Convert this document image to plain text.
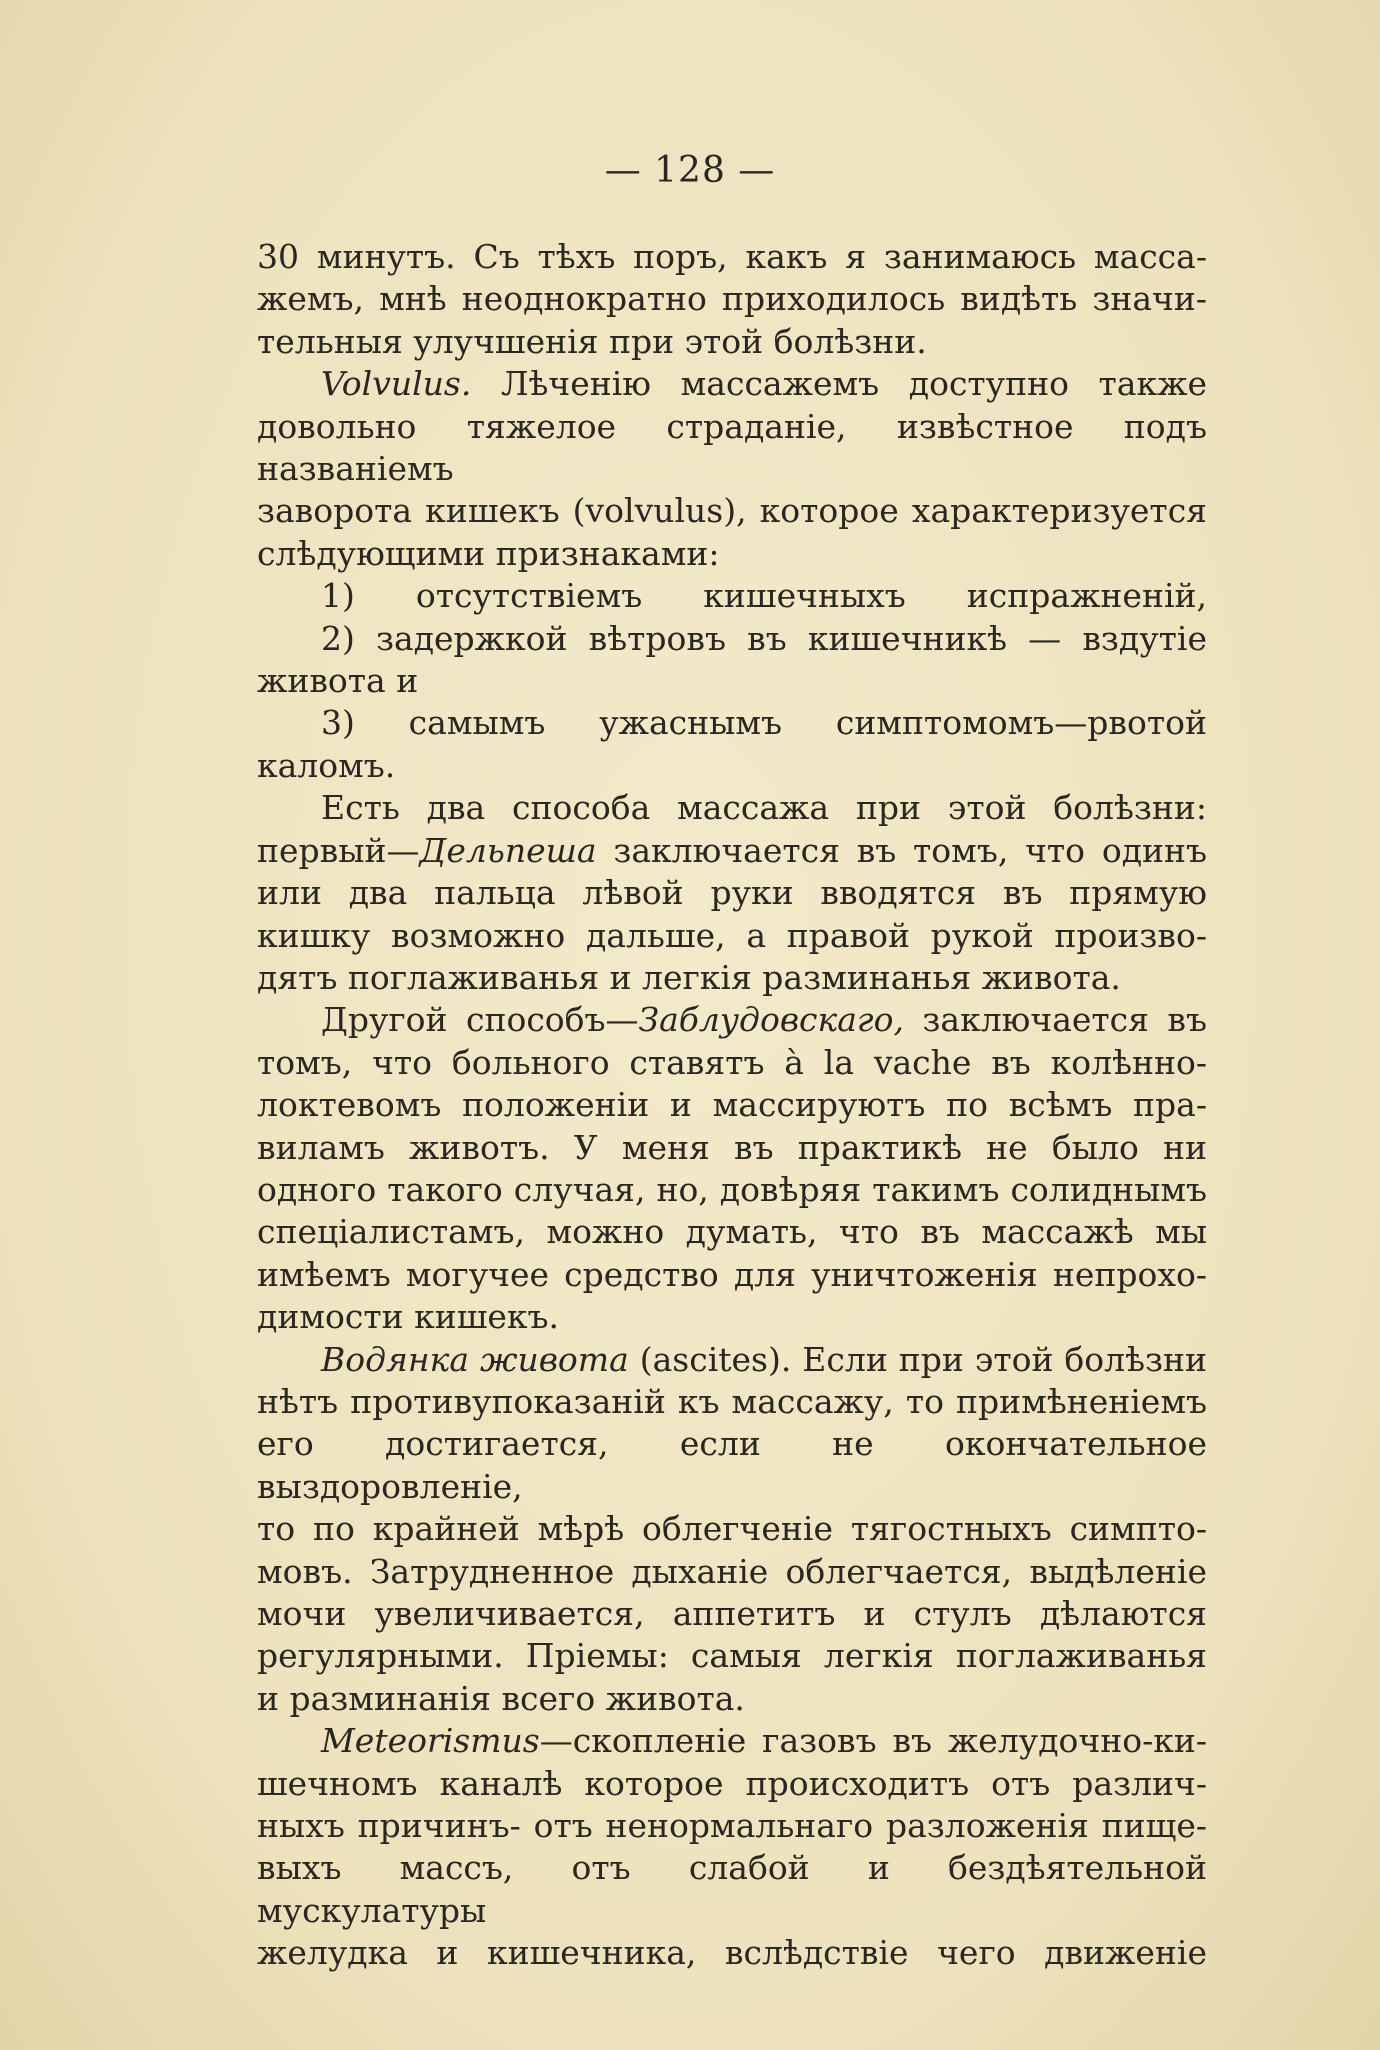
— 128 —

30 минутъ. Съ тѣхъ поръ, какъ я занимаюсь масса-

жемъ, мнѣ неоднократно приходилось видѣть значи-

тельныя улучшенія при этой болѣзни.

Volvulus. Лѣченію массажемъ доступно также

довольно тяжелое страданіе, извѣстное подъ названіемъ

заворота кишекъ (volvulus), которое характеризуется

слѣдующими признаками:

1) отсутствіемъ кишечныхъ испражненій,

2) задержкой вѣтровъ въ кишечникѣ — вздутіе

живота и

3) самымъ ужаснымъ симптомомъ—рвотой каломъ.

Есть два способа массажа при этой болѣзни:

первый—Дельпеша заключается въ томъ, что одинъ

или два пальца лѣвой руки вводятся въ прямую

кишку возможно дальше, а правой рукой произво-

дятъ поглаживанья и легкія разминанья живота.

Другой способъ—Заблудовскаго, заключается въ

томъ, что больного ставятъ à la vache въ колѣнно-

локтевомъ положеніи и массируютъ по всѣмъ пра-

виламъ животъ. У меня въ практикѣ не было ни

одного такого случая, но, довѣряя такимъ солиднымъ

спеціалистамъ, можно думать, что въ массажѣ мы

имѣемъ могучее средство для уничтоженія непрохо-

димости кишекъ.

Водянка живота (ascites). Если при этой болѣзни

нѣтъ противупоказаній къ массажу, то примѣненіемъ

его достигается, если не окончательное выздоровленіе,

то по крайней мѣрѣ облегченіе тягостныхъ симпто-

мовъ. Затрудненное дыханіе облегчается, выдѣленіе

мочи увеличивается, аппетитъ и стулъ дѣлаются

регулярными. Пріемы: самыя легкія поглаживанья

и разминанія всего живота.

Meteorismus—скопленіе газовъ въ желудочно-ки-

шечномъ каналѣ которое происходитъ отъ различ-

ныхъ причинъ- отъ ненормальнаго разложенія пище-

выхъ массъ, отъ слабой и бездѣятельной мускулатуры

желудка и кишечника, вслѣдствіе чего движеніе
